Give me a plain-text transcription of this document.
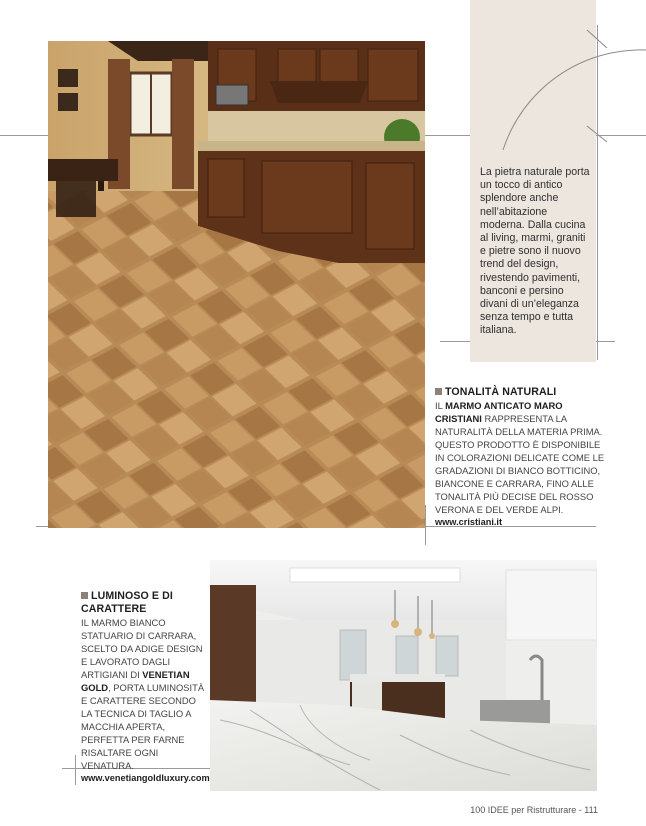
La pietra naturale porta un tocco di antico splendore anche nell’abitazione moderna. Dalla cucina al living, marmi, graniti e pietre sono il nuovo trend del design, rivestendo pavimenti, banconi e persino divani di un’eleganza senza tempo e tutta italiana.
TONALITÀ NATURALI
IL MARMO ANTICATO MARO CRISTIANI RAPPRESENTA LA NATURALITÀ DELLA MATERIA PRIMA. QUESTO PRODOTTO È DISPONIBILE IN COLORAZIONI DELICATE COME LE GRADAZIONI DI BIANCO BOTTICINO, BIANCONE E CARRARA, FINO ALLE TONALITÀ PIÙ DECISE DEL ROSSO VERONA E DEL VERDE ALPI.
www.cristiani.it
LUMINOSO E DI CARATTERE
IL MARMO BIANCO STATUARIO DI CARRARA, SCELTO DA ADIGE DESIGN E LAVORATO DAGLI ARTIGIANI DI VENETIAN GOLD, PORTA LUMINOSITÀ E CARATTERE SECONDO LA TECNICA DI TAGLIO A MACCHIA APERTA, PERFETTA PER FARNE RISALTARE OGNI VENATURA.
www.venetiangoldluxury.com
100 IDEE per Ristrutturare - 111
